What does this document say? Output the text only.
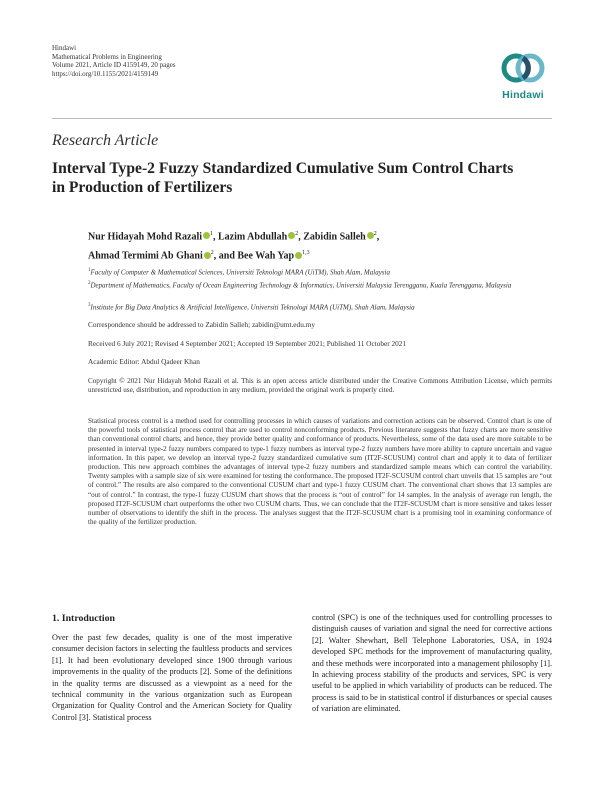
Hindawi
Mathematical Problems in Engineering
Volume 2021, Article ID 4159149, 20 pages
https://doi.org/10.1155/2021/4159149
Hindawi
Research Article
Interval Type-2 Fuzzy Standardized Cumulative Sum Control Charts in Production of Fertilizers
Nur Hidayah Mohd Razali $^1$, Lazim Abdullah $^2$, Zabidin Salleh $^2$,
Ahmad Termimi Ab Ghani $^2$, and Bee Wah Yap $^{1,3}$
$^1$Faculty of Computer & Mathematical Sciences, Universiti Teknologi MARA (UiTM), Shah Alam, Malaysia
$^2$Department of Mathematics, Faculty of Ocean Engineering Technology & Informatics, Universiti Malaysia Terengganu, Kuala Terengganu, Malaysia
$^3$Institute for Big Data Analytics & Artificial Intelligence, Universiti Teknologi MARA (UiTM), Shah Alam, Malaysia
Correspondence should be addressed to Zabidin Salleh; zabidin@umt.edu.my
Received 6 July 2021; Revised 4 September 2021; Accepted 19 September 2021; Published 11 October 2021
Academic Editor: Abdul Qadeer Khan
Copyright © 2021 Nur Hidayah Mohd Razali et al. This is an open access article distributed under the Creative Commons Attribution License, which permits unrestricted use, distribution, and reproduction in any medium, provided the original work is properly cited.
Statistical process control is a method used for controlling processes in which causes of variations and correction actions can be observed. Control chart is one of the powerful tools of statistical process control that are used to control nonconforming products. Previous literature suggests that fuzzy charts are more sensitive than conventional control charts, and hence, they provide better quality and conformance of products. Nevertheless, some of the data used are more suitable to be presented in interval type-2 fuzzy numbers compared to type-1 fuzzy numbers as interval type-2 fuzzy numbers have more ability to capture uncertain and vague information. In this paper, we develop an interval type-2 fuzzy standardized cumulative sum (IT2F-SCUSUM) control chart and apply it to data of fertilizer production. This new approach combines the advantages of interval type-2 fuzzy numbers and standardized sample means which can control the variability. Twenty samples with a sample size of six were examined for testing the conformance. The proposed IT2F-SCUSUM control chart unveils that 15 samples are “out of control.” The results are also compared to the conventional CUSUM chart and type-1 fuzzy CUSUM chart. The conventional chart shows that 13 samples are “out of control.” In contrast, the type-1 fuzzy CUSUM chart shows that the process is “out of control” for 14 samples. In the analysis of average run length, the proposed IT2F-SCUSUM chart outperforms the other two CUSUM charts. Thus, we can conclude that the IT2F-SCUSUM chart is more sensitive and takes lesser number of observations to identify the shift in the process. The analyses suggest that the IT2F-SCUSUM chart is a promising tool in examining conformance of the quality of the fertilizer production.
1. Introduction
Over the past few decades, quality is one of the most imperative consumer decision factors in selecting the faultless products and services [1]. It had been evolutionary developed since 1900 through various improvements in the quality of the products [2]. Some of the definitions in the quality terms are discussed as a viewpoint as a need for the technical community in the various organization such as European Organization for Quality Control and the American Society for Quality Control [3]. Statistical process
control (SPC) is one of the techniques used for controlling processes to distinguish causes of variation and signal the need for corrective actions [2]. Walter Shewhart, Bell Telephone Laboratories, USA, in 1924 developed SPC methods for the improvement of manufacturing quality, and these methods were incorporated into a management philosophy [1]. In achieving process stability of the products and services, SPC is very useful to be applied in which variability of products can be reduced. The process is said to be in statistical control if disturbances or special causes of variation are eliminated.
